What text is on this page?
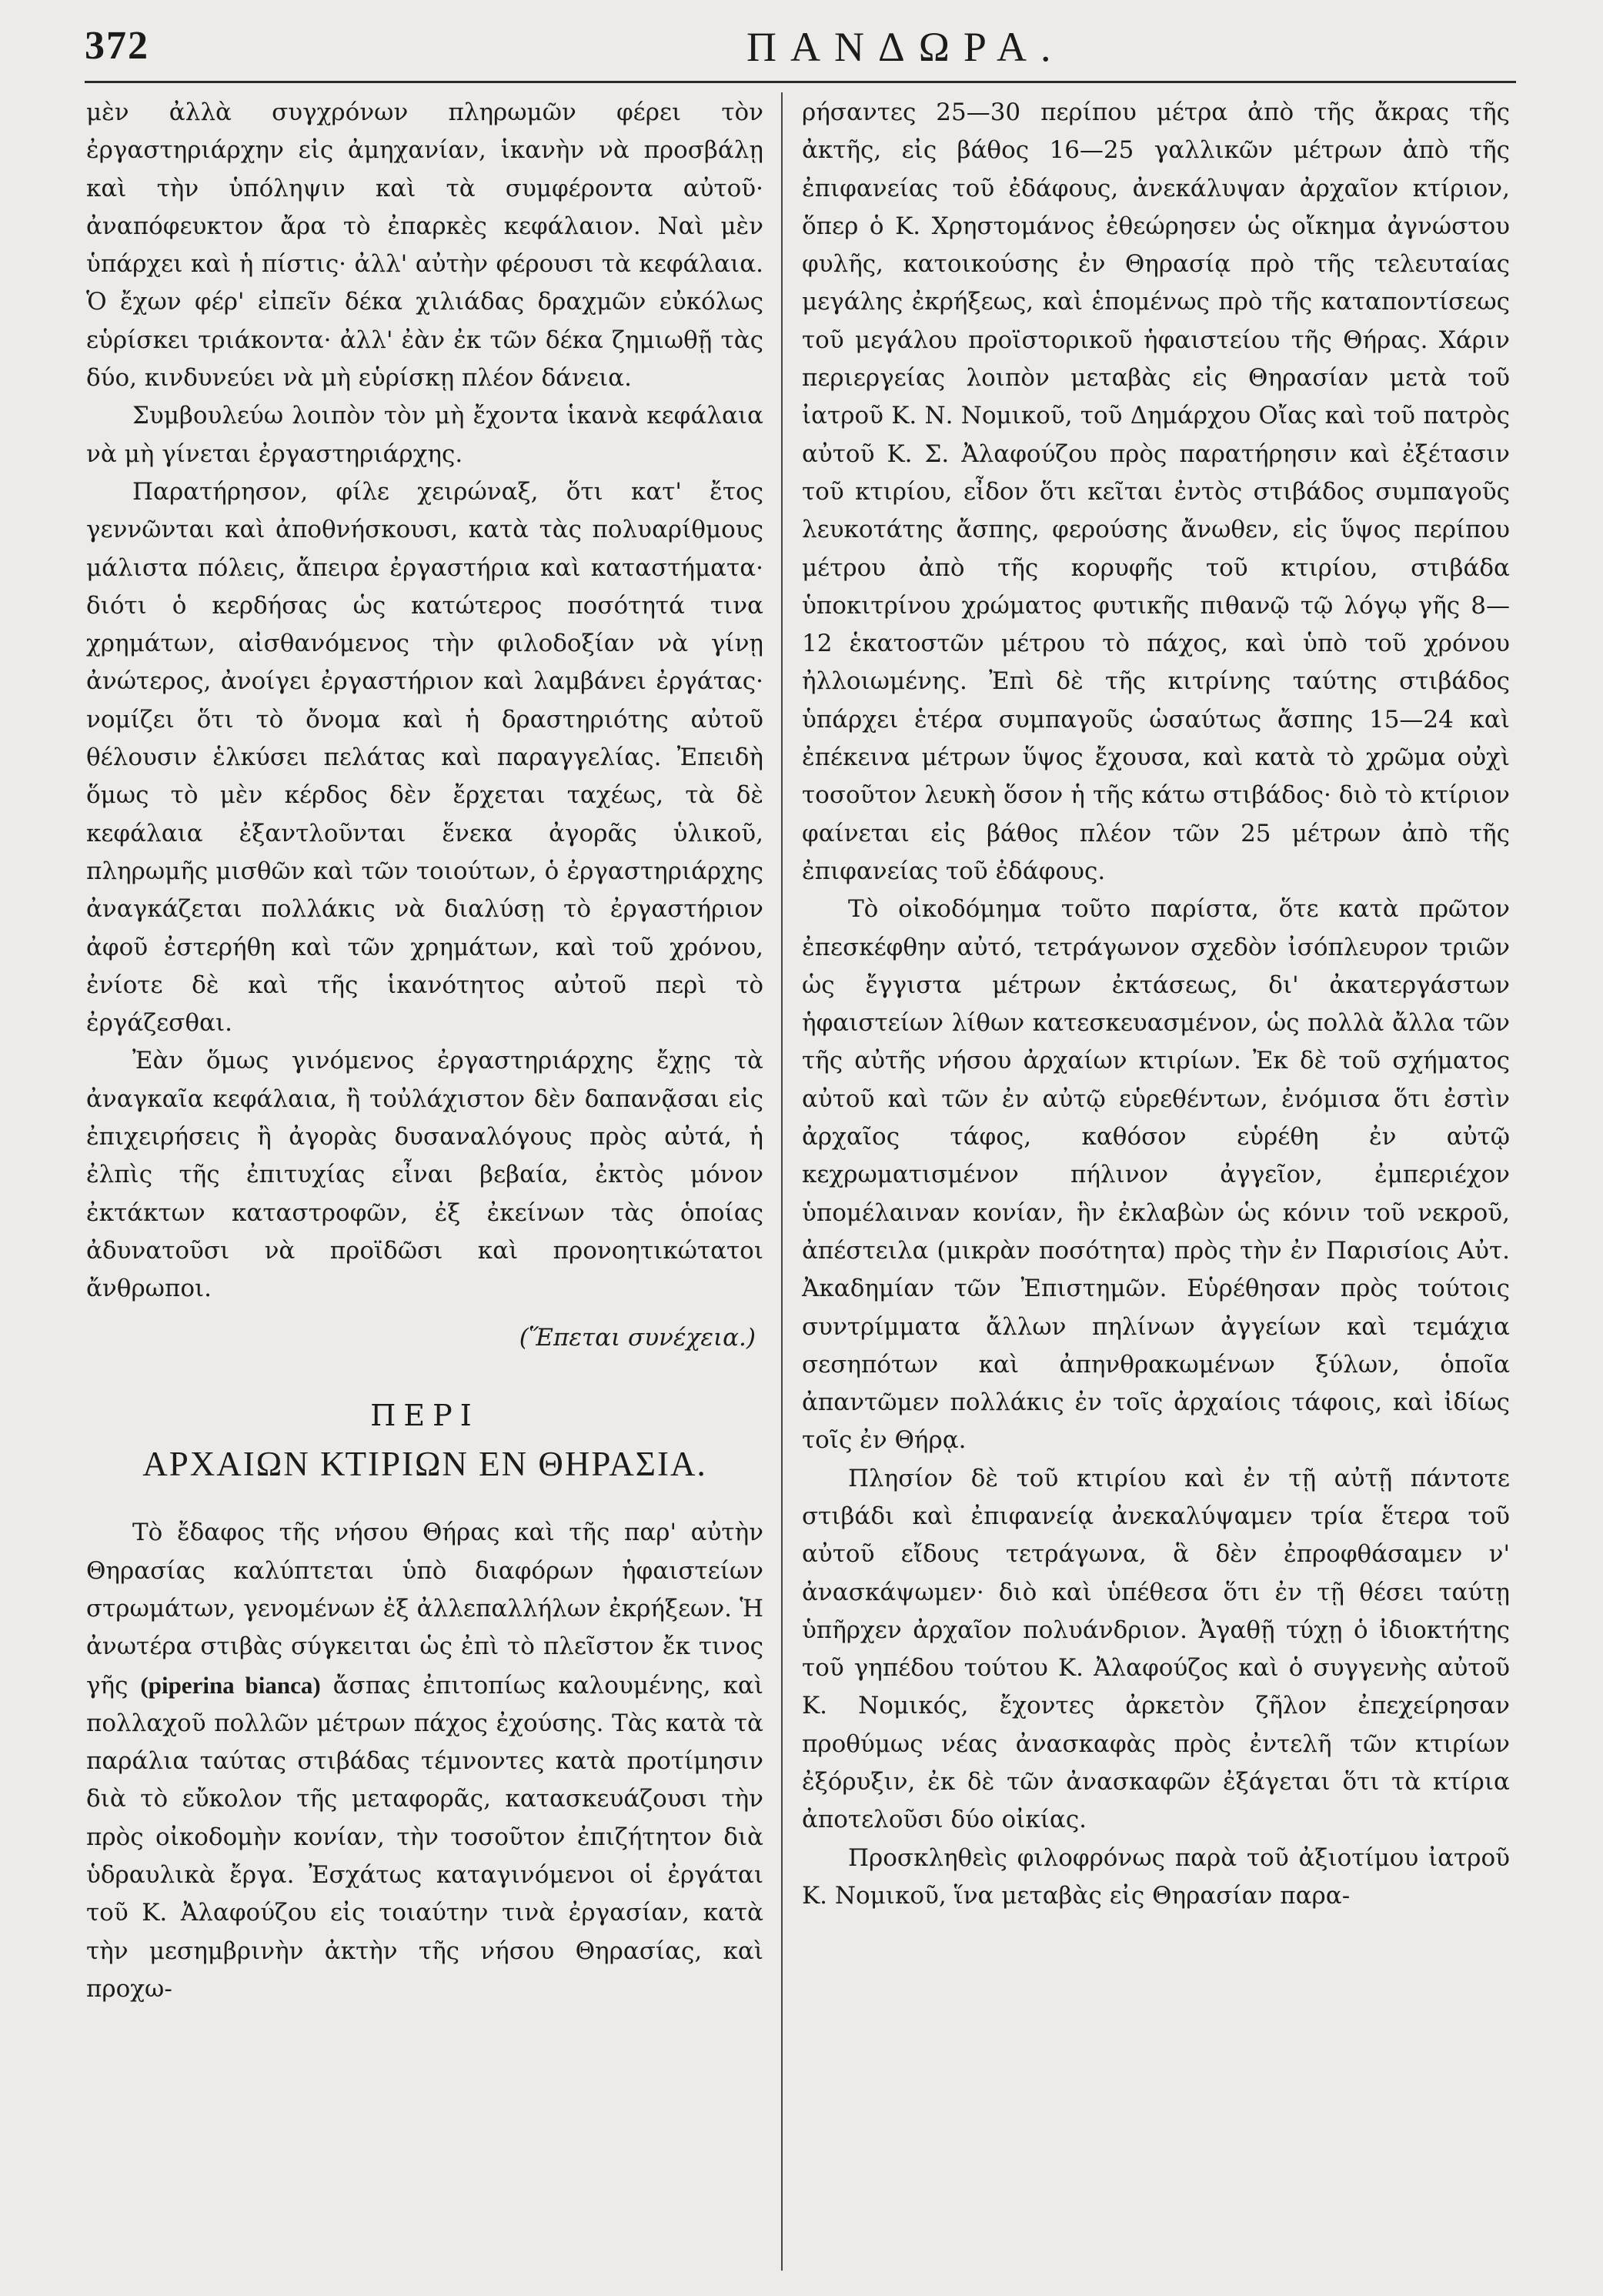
372	ΠΑΝΔΩΡΑ.

μὲν ἀλλὰ συγχρόνων πληρωμῶν φέρει τὸν ἐργαστηριάρχην εἰς ἀμηχανίαν, ἱκανὴν νὰ προσβάλῃ καὶ τὴν ὑπόληψιν καὶ τὰ συμφέροντα αὐτοῦ· ἀναπόφευκτον ἄρα τὸ ἐπαρκὲς κεφάλαιον. Ναὶ μὲν ὑπάρχει καὶ ἡ πίστις· ἀλλ' αὐτὴν φέρουσι τὰ κεφάλαια. Ὁ ἔχων φέρ' εἰπεῖν δέκα χιλιάδας δραχμῶν εὐκόλως εὑρίσκει τριάκοντα· ἀλλ' ἐὰν ἐκ τῶν δέκα ζημιωθῇ τὰς δύο, κινδυνεύει νὰ μὴ εὑρίσκῃ πλέον δάνεια.

Συμβουλεύω λοιπὸν τὸν μὴ ἔχοντα ἱκανὰ κεφάλαια νὰ μὴ γίνεται ἐργαστηριάρχης.

Παρατήρησον, φίλε χειρώναξ, ὅτι κατ' ἔτος γεννῶνται καὶ ἀποθνήσκουσι, κατὰ τὰς πολυαρίθμους μάλιστα πόλεις, ἄπειρα ἐργαστήρια καὶ καταστήματα· διότι ὁ κερδήσας ὡς κατώτερος ποσότητά τινα χρημάτων, αἰσθανόμενος τὴν φιλοδοξίαν νὰ γίνῃ ἀνώτερος, ἀνοίγει ἐργαστήριον καὶ λαμβάνει ἐργάτας· νομίζει ὅτι τὸ ὄνομα καὶ ἡ δραστηριότης αὐτοῦ θέλουσιν ἑλκύσει πελάτας καὶ παραγγελίας. Ἐπειδὴ ὅμως τὸ μὲν κέρδος δὲν ἔρχεται ταχέως, τὰ δὲ κεφάλαια ἐξαντλοῦνται ἕνεκα ἀγορᾶς ὑλικοῦ, πληρωμῆς μισθῶν καὶ τῶν τοιούτων, ὁ ἐργαστηριάρχης ἀναγκάζεται πολλάκις νὰ διαλύσῃ τὸ ἐργαστήριον ἀφοῦ ἐστερήθη καὶ τῶν χρημάτων, καὶ τοῦ χρόνου, ἐνίοτε δὲ καὶ τῆς ἱκανότητος αὐτοῦ περὶ τὸ ἐργάζεσθαι.

Ἐὰν ὅμως γινόμενος ἐργαστηριάρχης ἔχῃς τὰ ἀναγκαῖα κεφάλαια, ἢ τοὐλάχιστον δὲν δαπανᾷσαι εἰς ἐπιχειρήσεις ἢ ἀγορὰς δυσαναλόγους πρὸς αὐτά, ἡ ἐλπὶς τῆς ἐπιτυχίας εἶναι βεβαία, ἐκτὸς μόνον ἐκτάκτων καταστροφῶν, ἐξ ἐκείνων τὰς ὁποίας ἀδυνατοῦσι νὰ προϊδῶσι καὶ προνοητικώτατοι ἄνθρωποι.

(Ἕπεται συνέχεια.)
ΠΕΡΙ
ΑΡΧΑΙΩΝ ΚΤΙΡΙΩΝ ΕΝ ΘΗΡΑΣΙΑ.

Τὸ ἔδαφος τῆς νήσου Θήρας καὶ τῆς παρ' αὐτὴν Θηρασίας καλύπτεται ὑπὸ διαφόρων ἡφαιστείων στρωμάτων, γενομένων ἐξ ἀλλεπαλλήλων ἐκρήξεων. Ἡ ἀνωτέρα στιβὰς σύγκειται ὡς ἐπὶ τὸ πλεῖστον ἔκ τινος γῆς (piperina bianca) ἄσπας ἐπιτοπίως καλουμένης, καὶ πολλαχοῦ πολλῶν μέτρων πάχος ἐχούσης. Τὰς κατὰ τὰ παράλια ταύτας στιβάδας τέμνοντες κατὰ προτίμησιν διὰ τὸ εὔκολον τῆς μεταφορᾶς, κατασκευάζουσι τὴν πρὸς οἰκοδομὴν κονίαν, τὴν τοσοῦτον ἐπιζήτητον διὰ ὑδραυλικὰ ἔργα. Ἐσχάτως καταγινόμενοι οἱ ἐργάται τοῦ Κ. Ἀλαφούζου εἰς τοιαύτην τινὰ ἐργασίαν, κατὰ τὴν μεσημβρινὴν ἀκτὴν τῆς νήσου Θηρασίας, καὶ προχω-

ρήσαντες 25—30 περίπου μέτρα ἀπὸ τῆς ἄκρας τῆς ἀκτῆς, εἰς βάθος 16—25 γαλλικῶν μέτρων ἀπὸ τῆς ἐπιφανείας τοῦ ἐδάφους, ἀνεκάλυψαν ἀρχαῖον κτίριον, ὅπερ ὁ Κ. Χρηστομάνος ἐθεώρησεν ὡς οἴκημα ἀγνώστου φυλῆς, κατοικούσης ἐν Θηρασίᾳ πρὸ τῆς τελευταίας μεγάλης ἐκρήξεως, καὶ ἑπομένως πρὸ τῆς καταποντίσεως τοῦ μεγάλου προϊστορικοῦ ἡφαιστείου τῆς Θήρας. Χάριν περιεργείας λοιπὸν μεταβὰς εἰς Θηρασίαν μετὰ τοῦ ἰατροῦ Κ. Ν. Νομικοῦ, τοῦ Δημάρχου Οἴας καὶ τοῦ πατρὸς αὐτοῦ Κ. Σ. Ἀλαφούζου πρὸς παρατήρησιν καὶ ἐξέτασιν τοῦ κτιρίου, εἶδον ὅτι κεῖται ἐντὸς στιβάδος συμπαγοῦς λευκοτάτης ἄσπης, φερούσης ἄνωθεν, εἰς ὕψος περίπου μέτρου ἀπὸ τῆς κορυφῆς τοῦ κτιρίου, στιβάδα ὑποκιτρίνου χρώματος φυτικῆς πιθανῷ τῷ λόγῳ γῆς 8—12 ἑκατοστῶν μέτρου τὸ πάχος, καὶ ὑπὸ τοῦ χρόνου ἠλλοιωμένης. Ἐπὶ δὲ τῆς κιτρίνης ταύτης στιβάδος ὑπάρχει ἑτέρα συμπαγοῦς ὡσαύτως ἄσπης 15—24 καὶ ἐπέκεινα μέτρων ὕψος ἔχουσα, καὶ κατὰ τὸ χρῶμα οὐχὶ τοσοῦτον λευκὴ ὅσον ἡ τῆς κάτω στιβάδος· διὸ τὸ κτίριον φαίνεται εἰς βάθος πλέον τῶν 25 μέτρων ἀπὸ τῆς ἐπιφανείας τοῦ ἐδάφους.

Τὸ οἰκοδόμημα τοῦτο παρίστα, ὅτε κατὰ πρῶτον ἐπεσκέφθην αὐτό, τετράγωνον σχεδὸν ἰσόπλευρον τριῶν ὡς ἔγγιστα μέτρων ἐκτάσεως, δι' ἀκατεργάστων ἡφαιστείων λίθων κατεσκευασμένον, ὡς πολλὰ ἄλλα τῶν τῆς αὐτῆς νήσου ἀρχαίων κτιρίων. Ἐκ δὲ τοῦ σχήματος αὐτοῦ καὶ τῶν ἐν αὐτῷ εὑρεθέντων, ἐνόμισα ὅτι ἐστὶν ἀρχαῖος τάφος, καθόσον εὑρέθη ἐν αὐτῷ κεχρωματισμένον πήλινον ἀγγεῖον, ἐμπεριέχον ὑπομέλαιναν κονίαν, ἣν ἐκλαβὼν ὡς κόνιν τοῦ νεκροῦ, ἀπέστειλα (μικρὰν ποσότητα) πρὸς τὴν ἐν Παρισίοις Αὐτ. Ἀκαδημίαν τῶν Ἐπιστημῶν. Εὑρέθησαν πρὸς τούτοις συντρίμματα ἄλλων πηλίνων ἀγγείων καὶ τεμάχια σεσηπότων καὶ ἀπηνθρακωμένων ξύλων, ὁποῖα ἀπαντῶμεν πολλάκις ἐν τοῖς ἀρχαίοις τάφοις, καὶ ἰδίως τοῖς ἐν Θήρᾳ.

Πλησίον δὲ τοῦ κτιρίου καὶ ἐν τῇ αὐτῇ πάντοτε στιβάδι καὶ ἐπιφανείᾳ ἀνεκαλύψαμεν τρία ἕτερα τοῦ αὐτοῦ εἴδους τετράγωνα, ἃ δὲν ἐπροφθάσαμεν ν' ἀνασκάψωμεν· διὸ καὶ ὑπέθεσα ὅτι ἐν τῇ θέσει ταύτῃ ὑπῆρχεν ἀρχαῖον πολυάνδριον. Ἀγαθῇ τύχῃ ὁ ἰδιοκτήτης τοῦ γηπέδου τούτου Κ. Ἀλαφούζος καὶ ὁ συγγενὴς αὐτοῦ Κ. Νομικός, ἔχοντες ἀρκετὸν ζῆλον ἐπεχείρησαν προθύμως νέας ἀνασκαφὰς πρὸς ἐντελῆ τῶν κτιρίων ἐξόρυξιν, ἐκ δὲ τῶν ἀνασκαφῶν ἐξάγεται ὅτι τὰ κτίρια ἀποτελοῦσι δύο οἰκίας.

Προσκληθεὶς φιλοφρόνως παρὰ τοῦ ἀξιοτίμου ἰατροῦ Κ. Νομικοῦ, ἵνα μεταβὰς εἰς Θηρασίαν παρα-
